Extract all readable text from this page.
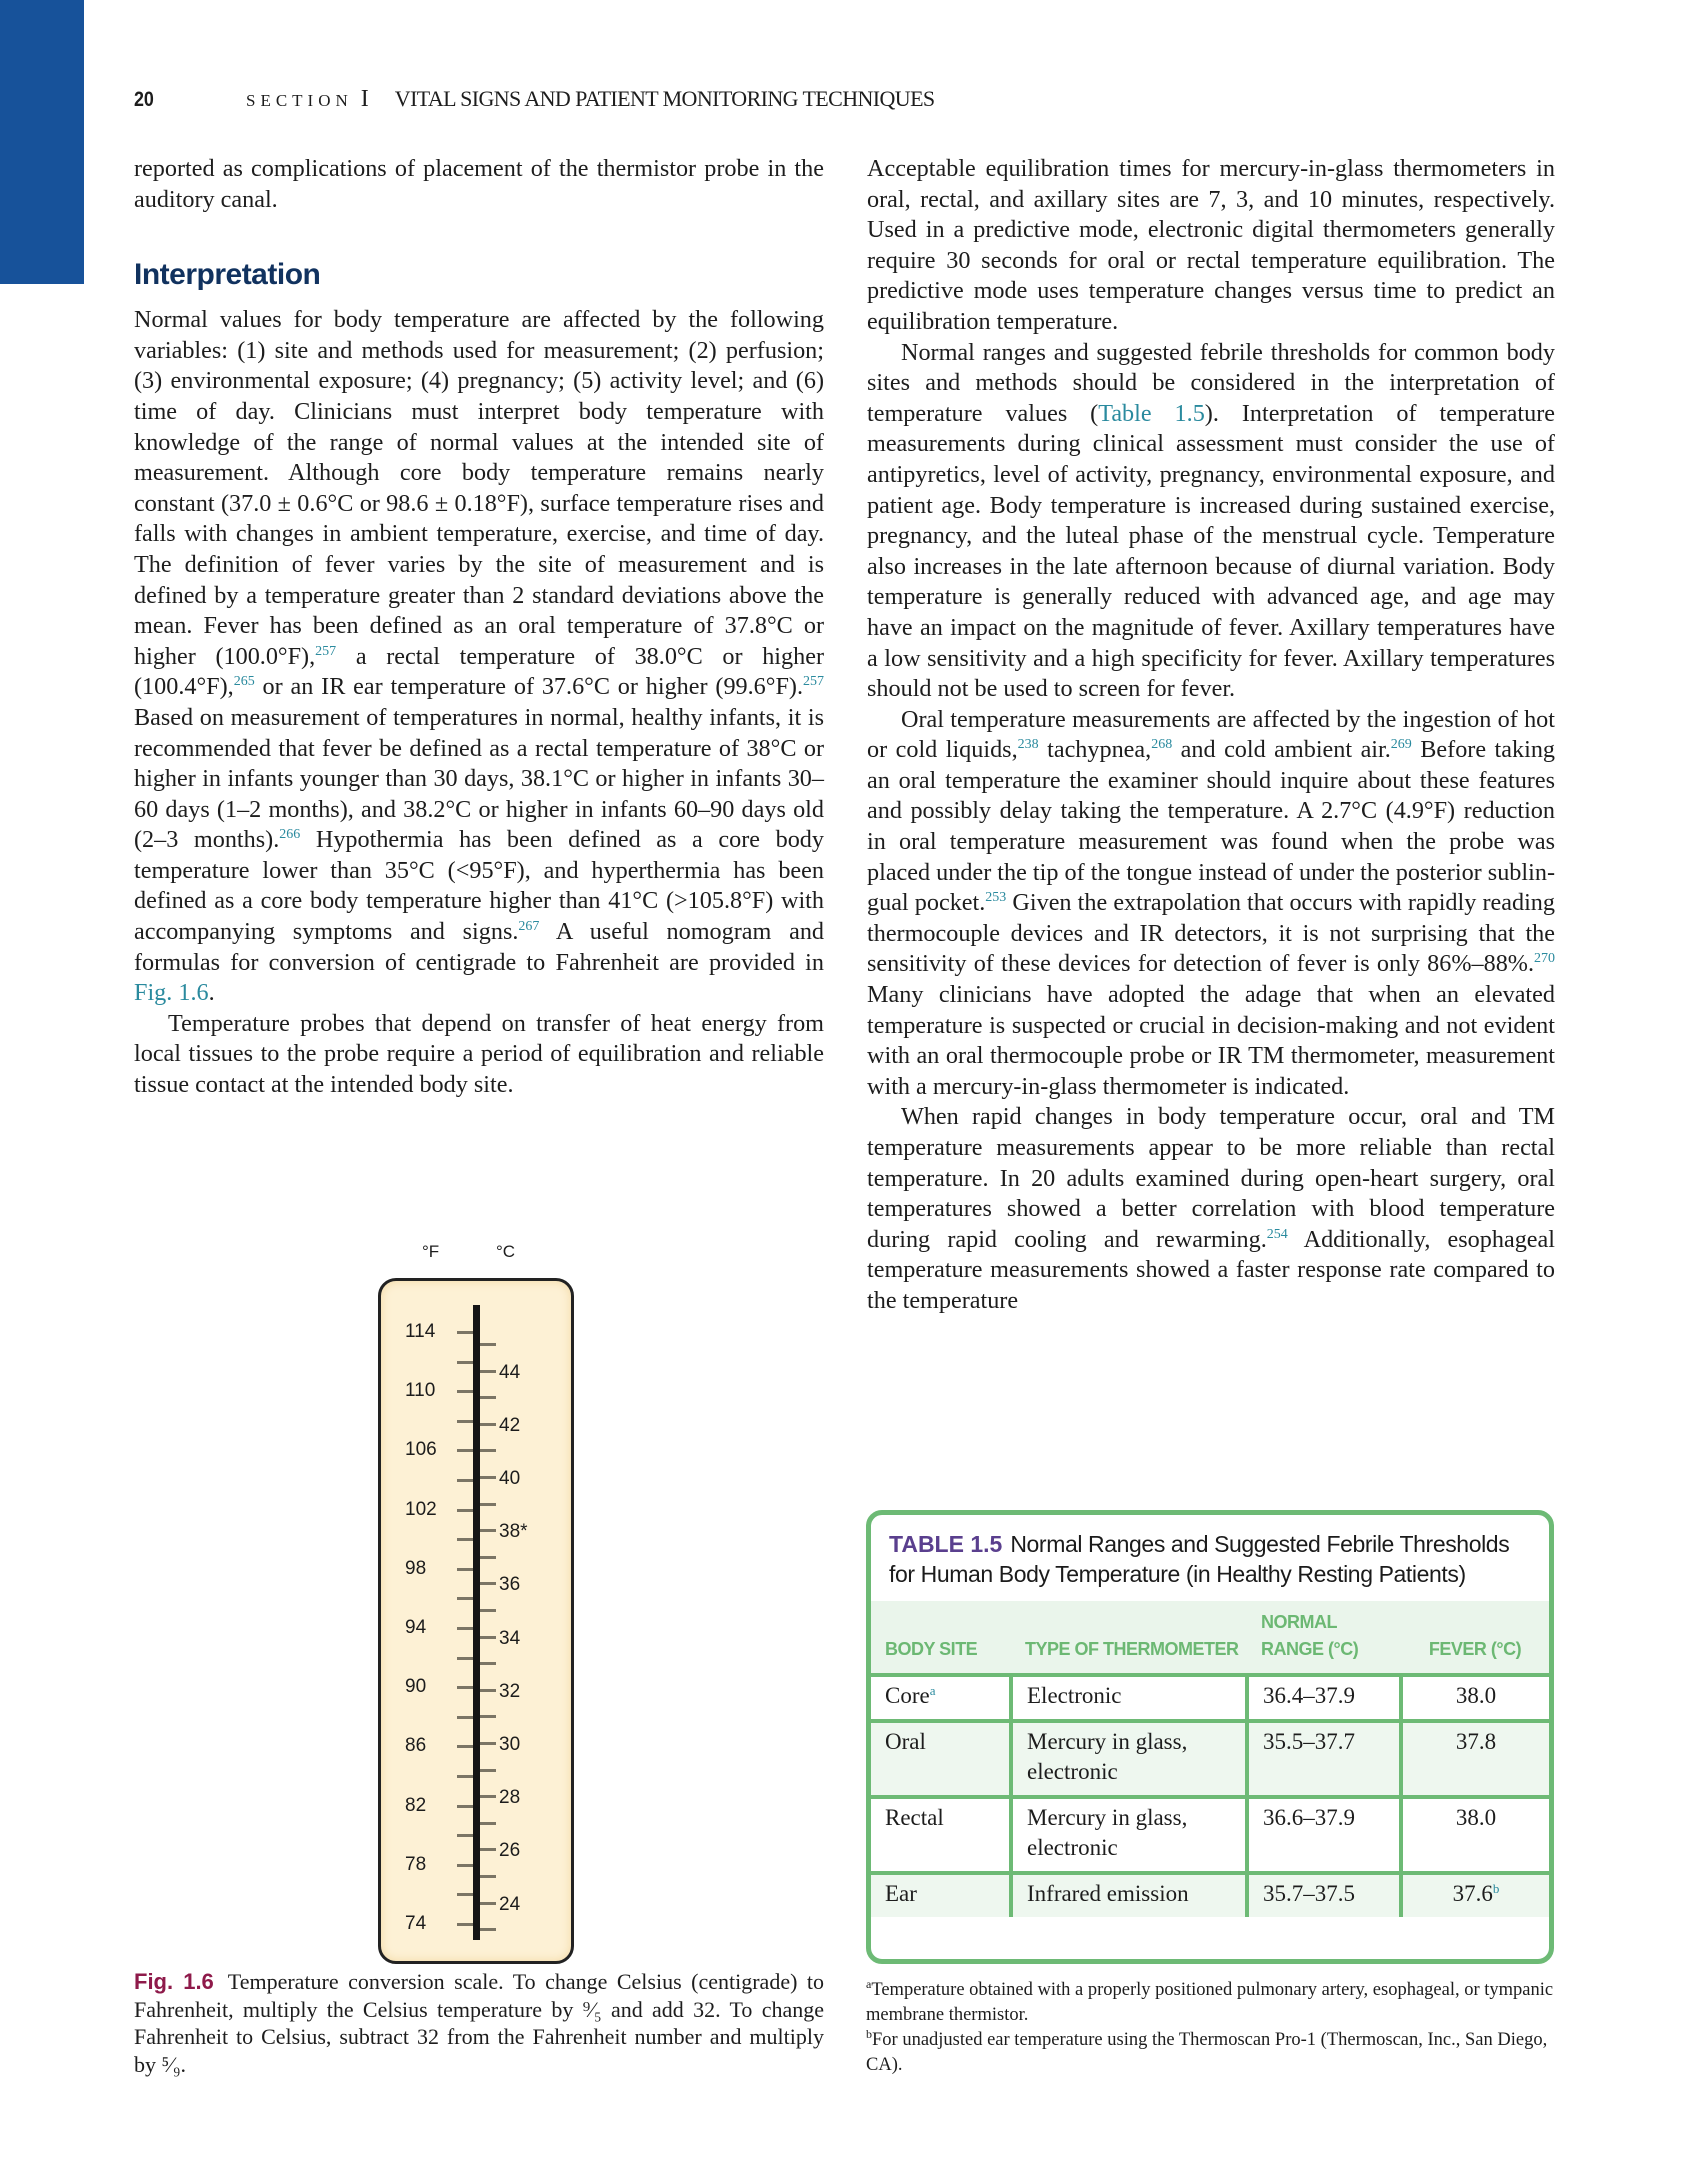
20	SECTION I VITAL SIGNS AND PATIENT MONITORING TECHNIQUES

reported as complications of placement of the thermistor probe in the auditory canal.

Interpretation

Normal values for body temperature are affected by the following variables: (1) site and methods used for measurement; (2) perfusion; (3) environmental exposure; (4) pregnancy; (5) activity level; and (6) time of day. Clinicians must interpret body temperature with knowledge of the range of normal values at the intended site of measurement. Although core body temperature remains nearly constant (37.0 ± 0.6°C or 98.6 ± 0.18°F), surface temperature rises and falls with changes in ambient temperature, exercise, and time of day. The definition of fever varies by the site of measurement and is defined by a temperature greater than 2 standard deviations above the mean. Fever has been defined as an oral temperature of 37.8°C or higher (100.0°F),$^{257}$ a rectal temperature of 38.0°C or higher (100.4°F),$^{265}$ or an IR ear temperature of 37.6°C or higher (99.6°F).$^{257}$ Based on measurement of temperatures in normal, healthy infants, it is recommended that fever be defined as a rectal temperature of 38°C or higher in infants younger than 30 days, 38.1°C or higher in infants 30–60 days (1–2 months), and 38.2°C or higher in infants 60–90 days old (2–3 months).$^{266}$ Hypothermia has been defined as a core body temperature lower than 35°C (<95°F), and hyperthermia has been defined as a core body temperature higher than 41°C (>105.8°F) with accompanying symptoms and signs.$^{267}$ A useful nomogram and formulas for conversion of centigrade to Fahrenheit are provided in Fig. 1.6.

Temperature probes that depend on transfer of heat energy from local tissues to the probe require a period of equilibration and reliable tissue contact at the intended body site.

°F	°C
114
110
106
102
98
94
90
86
82
78
74
44
42
40
38*
36
34
32
30
28
26
24
Fig. 1.6 Temperature conversion scale. To change Celsius (centigrade) to Fahrenheit, multiply the Celsius temperature by ⁹⁄₅ and add 32. To change Fahrenheit to Celsius, subtract 32 from the Fahrenheit number and multiply by ⁵⁄₉.

Acceptable equilibration times for mercury-in-glass thermometers in oral, rectal, and axillary sites are 7, 3, and 10 minutes, respectively. Used in a predictive mode, electronic digital thermometers generally require 30 seconds for oral or rectal temperature equilibration. The predictive mode uses temperature changes versus time to predict an equilibration temperature.

Normal ranges and suggested febrile thresholds for common body sites and methods should be considered in the interpretation of temperature values (Table 1.5). Interpretation of temperature measurements during clinical assessment must consider the use of antipyretics, level of activity, pregnancy, environmental exposure, and patient age. Body temperature is increased during sustained exercise, pregnancy, and the luteal phase of the menstrual cycle. Temperature also increases in the late afternoon because of diurnal variation. Body temperature is generally reduced with advanced age, and age may have an impact on the magnitude of fever. Axillary temperatures have a low sensitivity and a high specificity for fever. Axillary temperatures should not be used to screen for fever.

Oral temperature measurements are affected by the ingestion of hot or cold liquids,$^{238}$ tachypnea,$^{268}$ and cold ambient air.$^{269}$ Before taking an oral temperature the examiner should inquire about these features and possibly delay taking the temperature. A 2.7°C (4.9°F) reduction in oral temperature measurement was found when the probe was placed under the tip of the tongue instead of under the posterior sublingual pocket.$^{253}$ Given the extrapolation that occurs with rapidly reading thermocouple devices and IR detectors, it is not surprising that the sensitivity of these devices for detection of fever is only 86%–88%.$^{270}$ Many clinicians have adopted the adage that when an elevated temperature is suspected or crucial in decision-making and not evident with an oral thermocouple probe or IR TM thermometer, measurement with a mercury-in-glass thermometer is indicated.

When rapid changes in body temperature occur, oral and TM temperature measurements appear to be more reliable than rectal temperature. In 20 adults examined during open-heart surgery, oral temperatures showed a better correlation with blood temperature during rapid cooling and rewarming.$^{254}$ Additionally, esophageal temperature measurements showed a faster response rate compared to the temperature

TABLE 1.5 Normal Ranges and Suggested Febrile Thresholds for Human Body Temperature (in Healthy Resting Patients)
BODY SITE	TYPE OF THERMOMETER	NORMAL RANGE (°C)	FEVER (°C)
Core$^a$	Electronic	36.4–37.9	38.0
Oral	Mercury in glass, electronic	35.5–37.7	37.8
Rectal	Mercury in glass, electronic	36.6–37.9	38.0
Ear	Infrared emission	35.7–37.5	37.6$^b$

$^a$Temperature obtained with a properly positioned pulmonary artery, esophageal, or tympanic membrane thermistor.

$^b$For unadjusted ear temperature using the Thermoscan Pro-1 (Thermoscan, Inc., San Diego, CA).
